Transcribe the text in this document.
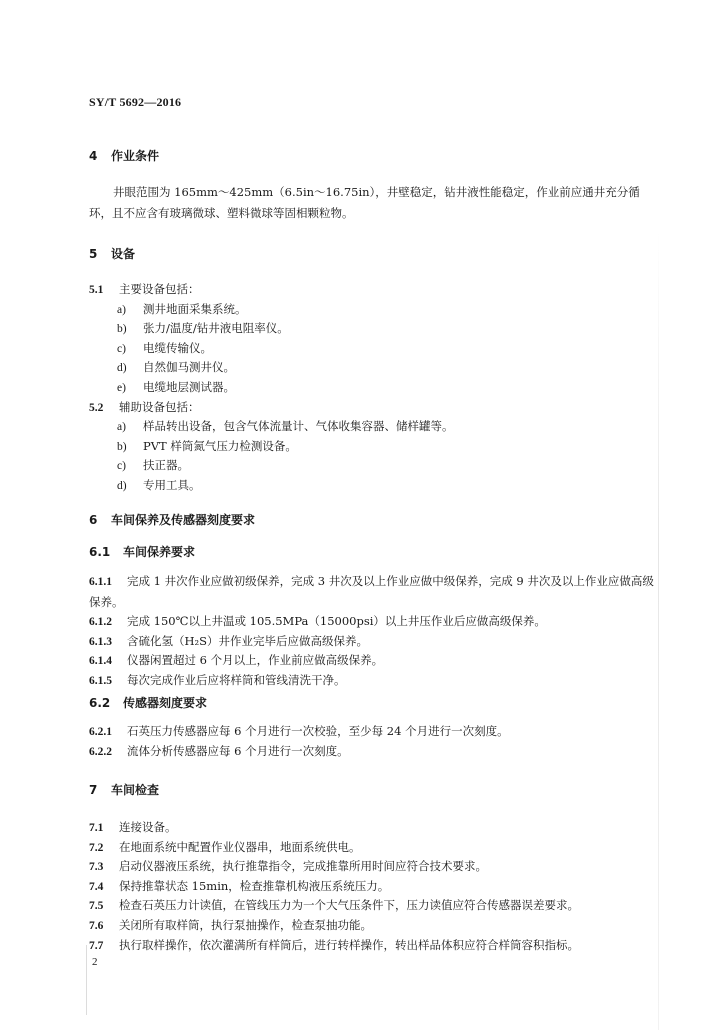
SY/T 5692—2016
4 作业条件
井眼范围为 165mm～425mm（6.5in～16.75in），井壁稳定，钻井液性能稳定，作业前应通井充分循环，且不应含有玻璃微球、塑料微球等固相颗粒物。
5 设备
5.1 主要设备包括：
a) 测井地面采集系统。
b) 张力/温度/钻井液电阻率仪。
c) 电缆传输仪。
d) 自然伽马测井仪。
e) 电缆地层测试器。
5.2 辅助设备包括：
a) 样品转出设备，包含气体流量计、气体收集容器、储样罐等。
b) PVT 样筒氮气压力检测设备。
c) 扶正器。
d) 专用工具。
6 车间保养及传感器刻度要求
6.1 车间保养要求
6.1.1 完成 1 井次作业应做初级保养，完成 3 井次及以上作业应做中级保养，完成 9 井次及以上作业应做高级保养。
6.1.2 完成 150℃以上井温或 105.5MPa（15000psi）以上井压作业后应做高级保养。
6.1.3 含硫化氢（H₂S）井作业完毕后应做高级保养。
6.1.4 仪器闲置超过 6 个月以上，作业前应做高级保养。
6.1.5 每次完成作业后应将样筒和管线清洗干净。
6.2 传感器刻度要求
6.2.1 石英压力传感器应每 6 个月进行一次校验，至少每 24 个月进行一次刻度。
6.2.2 流体分析传感器应每 6 个月进行一次刻度。
7 车间检查
7.1 连接设备。
7.2 在地面系统中配置作业仪器串，地面系统供电。
7.3 启动仪器液压系统，执行推靠指令，完成推靠所用时间应符合技术要求。
7.4 保持推靠状态 15min，检查推靠机构液压系统压力。
7.5 检查石英压力计读值，在管线压力为一个大气压条件下，压力读值应符合传感器误差要求。
7.6 关闭所有取样筒，执行泵抽操作，检查泵抽功能。
7.7 执行取样操作，依次灌满所有样筒后，进行转样操作，转出样品体积应符合样筒容积指标。
2
